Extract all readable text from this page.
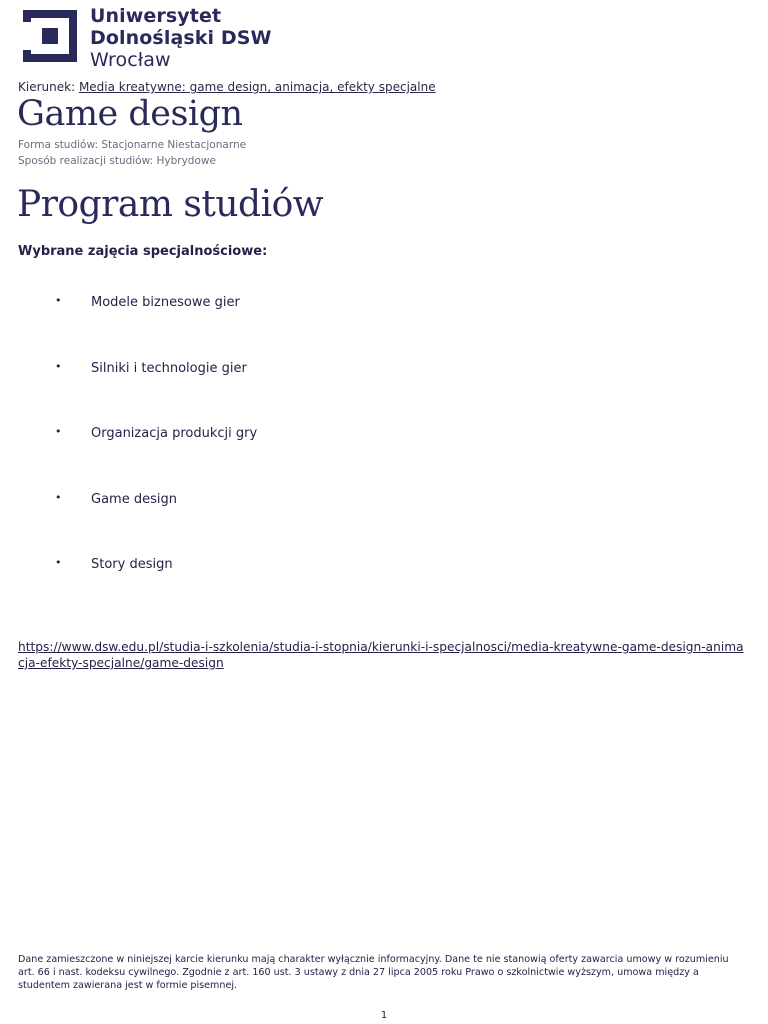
Uniwersytet
Dolnośląski DSW
Wrocław
Kierunek: Media kreatywne: game design, animacja, efekty specjalne
Game design
Forma studiów: Stacjonarne Niestacjonarne
Sposób realizacji studiów: Hybrydowe
Program studiów
Wybrane zajęcia specjalnościowe:
• Modele biznesowe gier
• Silniki i technologie gier
• Organizacja produkcji gry
• Game design
• Story design
https://www.dsw.edu.pl/studia-i-szkolenia/studia-i-stopnia/kierunki-i-specjalnosci/media-kreatywne-game-design-animacja-efekty-specjalne/game-design
Dane zamieszczone w niniejszej karcie kierunku mają charakter wyłącznie informacyjny. Dane te nie stanowią oferty zawarcia umowy w rozumieniu art. 66 i nast. kodeksu cywilnego. Zgodnie z art. 160 ust. 3 ustawy z dnia 27 lipca 2005 roku Prawo o szkolnictwie wyższym, umowa między a studentem zawierana jest w formie pisemnej.
1
